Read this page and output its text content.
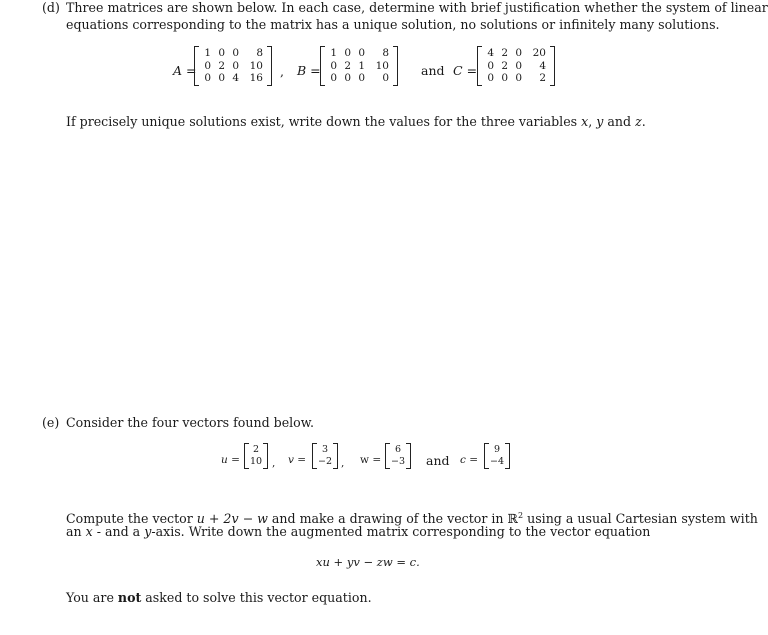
(d) Three matrices are shown below. In each case, determine with brief justification whether the system of linear
equations corresponding to the matrix has a unique solution, no solutions or infinitely many solutions.
A =
1 0 0	8
0 2 0	10
0 0 4	16 , B =
1 0 0	8
0 2 1	10
0 0 0	0	and C =
4 2 0	20
0 2 0	4
0 0 0	2
If precisely unique solutions exist, write down the values for the three variables x, y and z.
(e) Consider the four vectors found below.
u =
2
10 , v =
3
−2 , w =
6
−3 and c =
9
−4
Compute the vector u + 2v − w and make a drawing of the vector in ℝ$^2$ using a usual Cartesian system with
an x - and a y-axis. Write down the augmented matrix corresponding to the vector equation
xu + yv − zw = c.
You are not asked to solve this vector equation.
